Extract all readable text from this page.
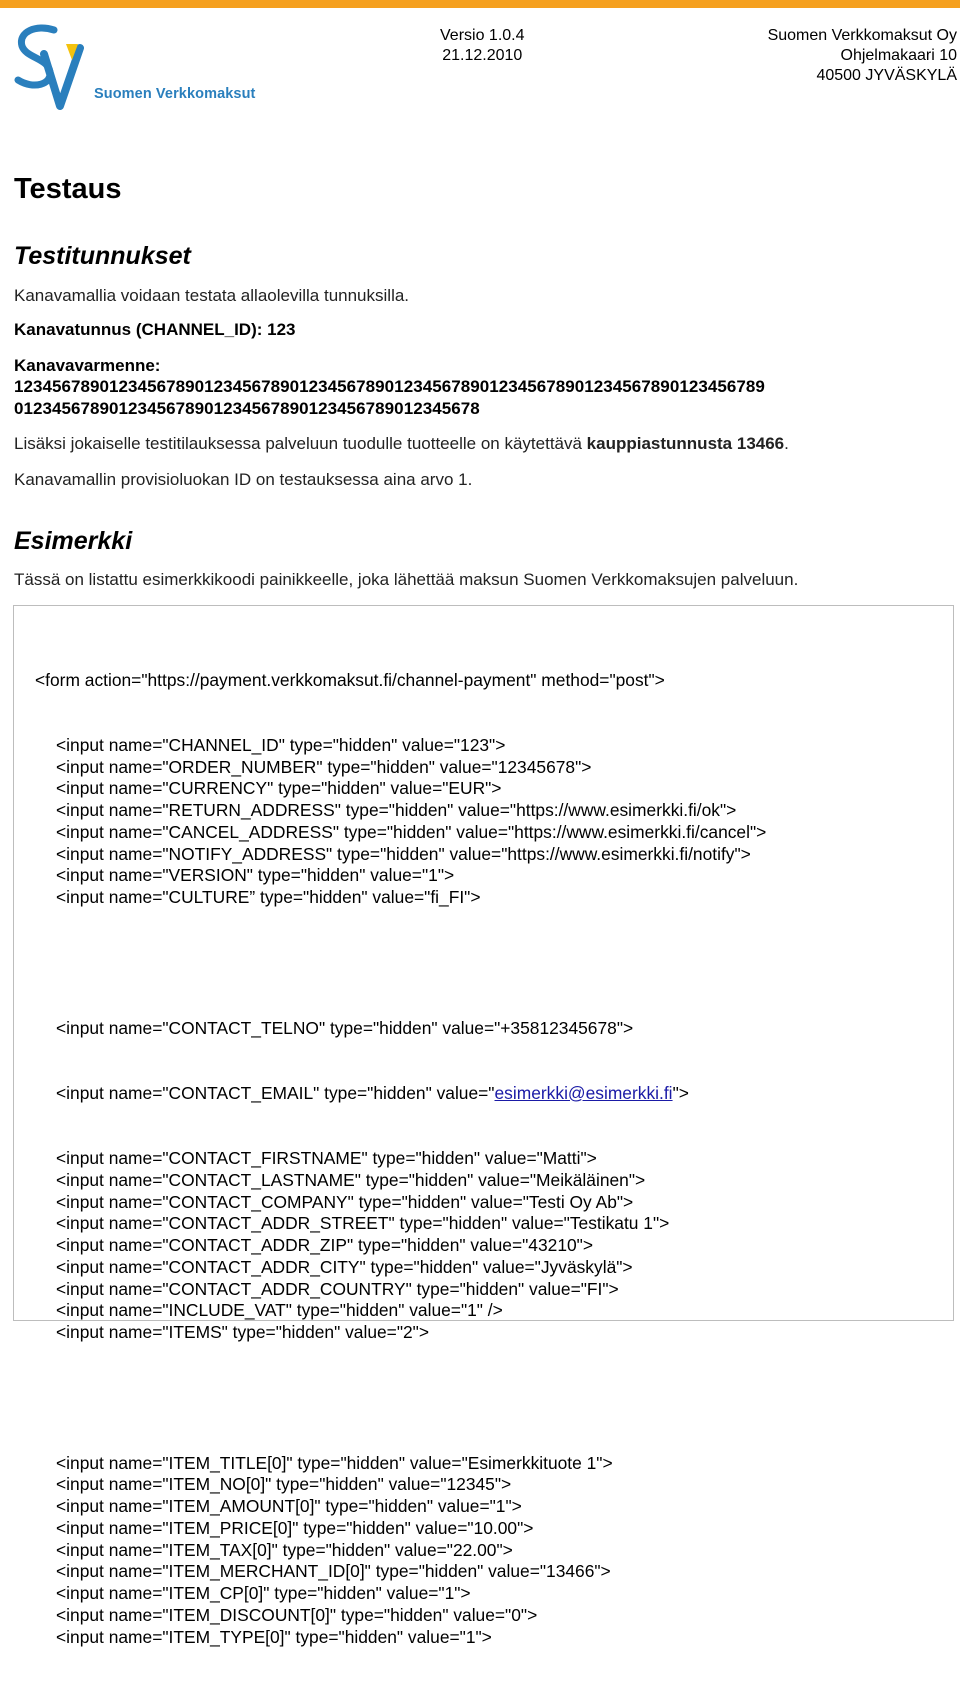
Suomen Verkkomaksut
Versio 1.0.4
21.12.2010
Suomen Verkkomaksut Oy
Ohjelmakaari 10
40500 JYVÄSKYLÄ
Testaus
Testitunnukset

Kanavamallia voidaan testata allaolevilla tunnuksilla.

Kanavatunnus (CHANNEL_ID): 123

Kanavavarmenne:

1234567890123456789012345678901234567890123456789012345678901234567890123456789

0123456789012345678901234567890123456789012345678

Lisäksi jokaiselle testitilauksessa palveluun tuodulle tuotteelle on käytettävä kauppiastunnusta 13466.

Kanavamallin provisioluokan ID on testauksessa aina arvo 1.

Esimerkki

Tässä on listattu esimerkkikoodi painikkeelle, joka lähettää maksun Suomen Verkkomaksujen palveluun.

<form action="https://payment.verkkomaksut.fi/channel-payment" method="post">

<input name="CHANNEL_ID" type="hidden" value="123">
<input name="ORDER_NUMBER" type="hidden" value="12345678">
<input name="CURRENCY" type="hidden" value="EUR">
<input name="RETURN_ADDRESS" type="hidden" value="https://www.esimerkki.fi/ok">
<input name="CANCEL_ADDRESS" type="hidden" value="https://www.esimerkki.fi/cancel">
<input name="NOTIFY_ADDRESS" type="hidden" value="https://www.esimerkki.fi/notify">
<input name="VERSION" type="hidden" value="1">
<input name="CULTURE” type="hidden" value="fi_FI">

<input name="CONTACT_TELNO" type="hidden" value="+35812345678">

<input name="CONTACT_EMAIL" type="hidden" value="esimerkki@esimerkki.fi">

<input name="CONTACT_FIRSTNAME" type="hidden" value="Matti">
<input name="CONTACT_LASTNAME" type="hidden" value="Meikäläinen">
<input name="CONTACT_COMPANY" type="hidden" value="Testi Oy Ab">
<input name="CONTACT_ADDR_STREET" type="hidden" value="Testikatu 1">
<input name="CONTACT_ADDR_ZIP" type="hidden" value="43210">
<input name="CONTACT_ADDR_CITY" type="hidden" value="Jyväskylä">
<input name="CONTACT_ADDR_COUNTRY" type="hidden" value="FI">
<input name="INCLUDE_VAT" type="hidden" value="1" />
<input name="ITEMS" type="hidden" value="2">

<input name="ITEM_TITLE[0]" type="hidden" value="Esimerkkituote 1">
<input name="ITEM_NO[0]" type="hidden" value="12345">
<input name="ITEM_AMOUNT[0]" type="hidden" value="1">
<input name="ITEM_PRICE[0]" type="hidden" value="10.00">
<input name="ITEM_TAX[0]" type="hidden" value="22.00">
<input name="ITEM_MERCHANT_ID[0]" type="hidden" value="13466">
<input name="ITEM_CP[0]" type="hidden" value="1">
<input name="ITEM_DISCOUNT[0]" type="hidden" value="0">
<input name="ITEM_TYPE[0]" type="hidden" value="1">
